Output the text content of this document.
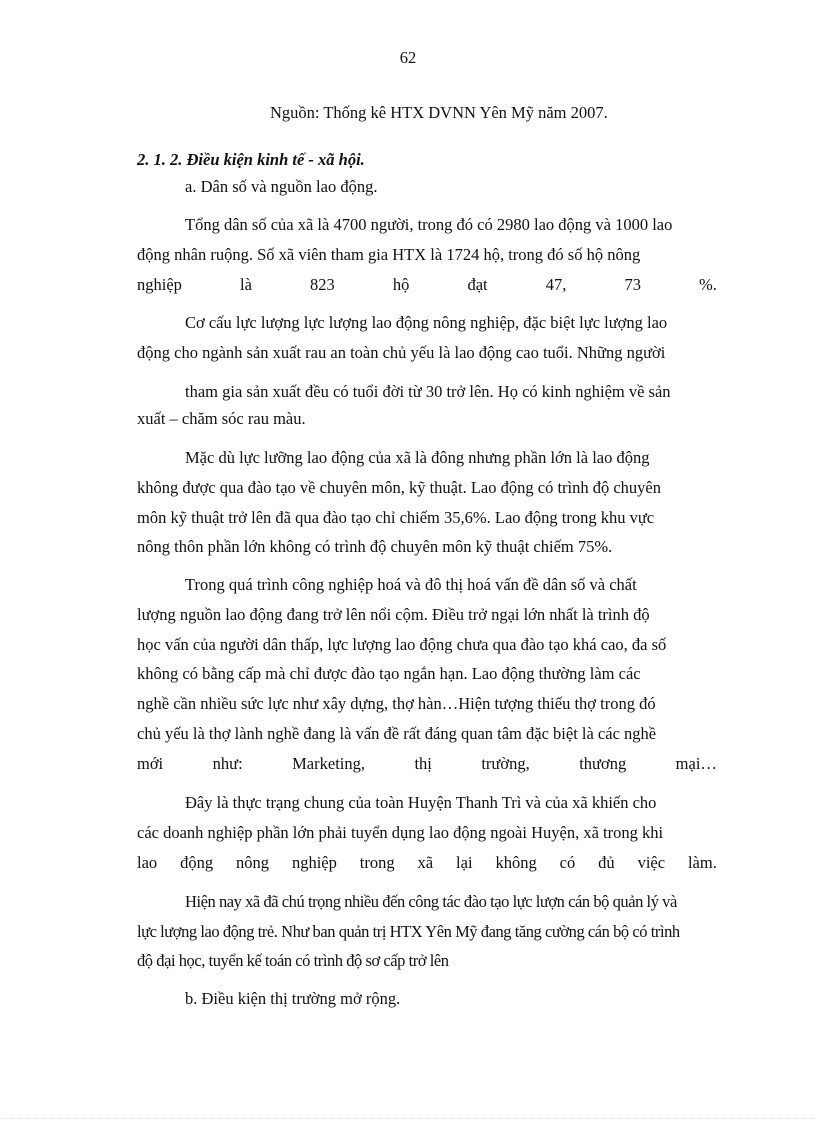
62
Nguồn: Thống kê HTX DVNN Yên Mỹ năm 2007.
2. 1. 2. Điều kiện kinh tế - xã hội.
a. Dân số và nguồn lao động.
Tổng dân số của xã là 4700 người, trong đó có 2980 lao động và 1000 lao
động nhân ruộng. Số xã viên tham gia HTX là 1724 hộ, trong đó số hộ nông
nghiệp	là	823	hộ	đạt	47,	73	%.
Cơ cấu lực lượng lực lượng lao động nông nghiệp, đặc biệt lực lượng lao
động cho ngành sản xuất rau an toàn chủ yếu là lao động cao tuổi. Những người
tham gia sản xuất đều có tuổi đời từ 30 trở lên. Họ có kinh nghiệm về sản
xuất – chăm sóc rau màu.
Mặc dù lực lưỡng lao động của xã là đông nhưng phần lớn là lao động
không được qua đào tạo về chuyên môn, kỹ thuật. Lao động có trình độ chuyên
môn kỹ thuật trở lên đã qua đào tạo chỉ chiếm 35,6%. Lao động trong khu vực
nông thôn phần lớn không có trình độ chuyên môn kỹ thuật chiếm 75%.
Trong quá trình công nghiệp hoá và đô thị hoá vấn đề dân số và chất
lượng nguồn lao động đang trở lên nổi cộm. Điều trở ngại lớn nhất là trình độ
học vấn của người dân thấp, lực lượng lao động chưa qua đào tạo khá cao, đa số
không có bằng cấp mà chỉ được đào tạo ngắn hạn. Lao động thường làm các
nghề cần nhiều sức lực như xây dựng, thợ hàn…Hiện tượng thiếu thợ trong đó
chủ yếu là thợ lành nghề đang là vấn đề rất đáng quan tâm đặc biệt là các nghề
mới	như:	Marketing,	thị	trường,	thương	mại…
Đây là thực trạng chung của toàn Huyện Thanh Trì và của xã khiến cho
các doanh nghiệp phần lớn phải tuyển dụng lao động ngoài Huyện, xã trong khi
lao động nông nghiệp trong xã lại không có đủ việc làm.
Hiện nay xã đã chú trọng nhiều đến công tác đào tạo lực lượn cán bộ quản lý và
lực lượng lao động trẻ. Như ban quản trị HTX Yên Mỹ đang tăng cường cán bộ có trình
độ đại học, tuyển kế toán có trình độ sơ cấp trở lên
b. Điều kiện thị trường mở rộng.
